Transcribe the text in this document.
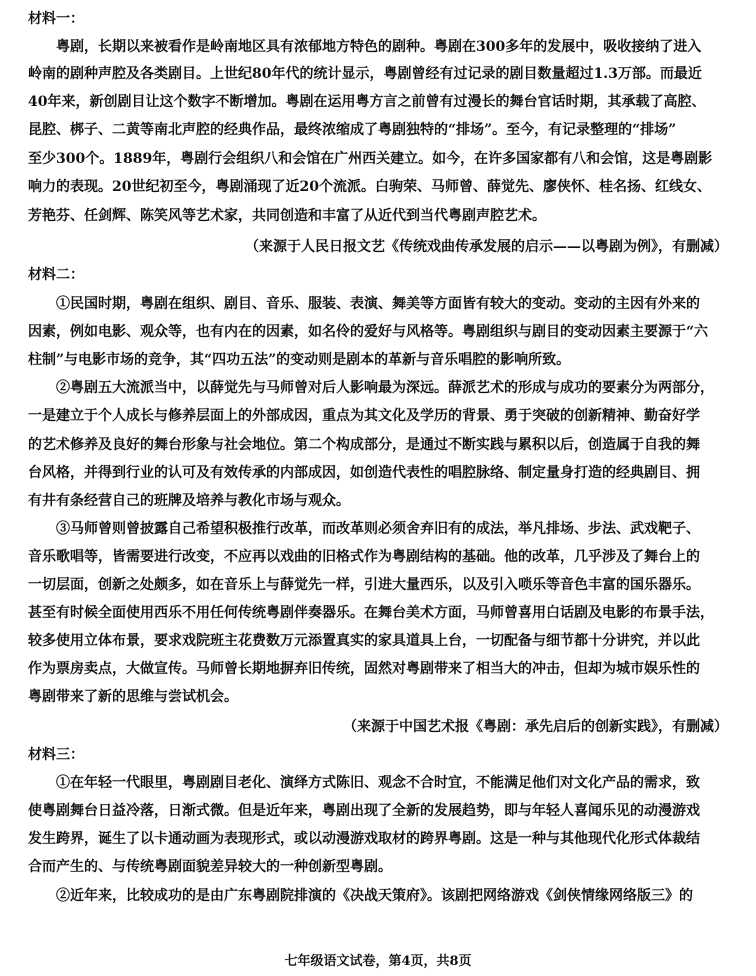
材料一：
粤剧，长期以来被看作是岭南地区具有浓郁地方特色的剧种。粤剧在300多年的发展中，吸收接纳了进入
岭南的剧种声腔及各类剧目。上世纪80年代的统计显示，粤剧曾经有过记录的剧目数量超过1.3万部。而最近
40年来，新创剧目让这个数字不断增加。粤剧在运用粤方言之前曾有过漫长的舞台官话时期，其承载了高腔、
昆腔、梆子、二黄等南北声腔的经典作品，最终浓缩成了粤剧独特的“排场”。至今，有记录整理的“排场”
至少300个。1889年，粤剧行会组织八和会馆在广州西关建立。如今，在许多国家都有八和会馆，这是粤剧影
响力的表现。20世纪初至今，粤剧涌现了近20个流派。白驹荣、马师曾、薛觉先、廖侠怀、桂名扬、红线女、
芳艳芬、任剑辉、陈笑风等艺术家，共同创造和丰富了从近代到当代粤剧声腔艺术。
（来源于人民日报文艺《传统戏曲传承发展的启示——以粤剧为例》，有删减）
材料二：
①民国时期，粤剧在组织、剧目、音乐、服装、表演、舞美等方面皆有较大的变动。变动的主因有外来的
因素，例如电影、观众等，也有内在的因素，如名伶的爱好与风格等。粤剧组织与剧目的变动因素主要源于“六
柱制”与电影市场的竞争，其“四功五法”的变动则是剧本的革新与音乐唱腔的影响所致。
②粤剧五大流派当中，以薛觉先与马师曾对后人影响最为深远。薛派艺术的形成与成功的要素分为两部分，
一是建立于个人成长与修养层面上的外部成因，重点为其文化及学历的背景、勇于突破的创新精神、勤奋好学
的艺术修养及良好的舞台形象与社会地位。第二个构成部分，是通过不断实践与累积以后，创造属于自我的舞
台风格，并得到行业的认可及有效传承的内部成因，如创造代表性的唱腔脉络、制定量身打造的经典剧目、拥
有井有条经营自己的班牌及培养与教化市场与观众。
③马师曾则曾披露自己希望积极推行改革，而改革则必须舍弃旧有的成法，举凡排场、步法、武戏靶子、
音乐歌唱等，皆需要进行改变，不应再以戏曲的旧格式作为粤剧结构的基础。他的改革，几乎涉及了舞台上的
一切层面，创新之处颇多，如在音乐上与薛觉先一样，引进大量西乐，以及引入唢乐等音色丰富的国乐器乐。
甚至有时候全面使用西乐不用任何传统粤剧伴奏器乐。在舞台美术方面，马师曾喜用白话剧及电影的布景手法，
较多使用立体布景，要求戏院班主花费数万元添置真实的家具道具上台，一切配备与细节都十分讲究，并以此
作为票房卖点，大做宣传。马师曾长期地摒弃旧传统，固然对粤剧带来了相当大的冲击，但却为城市娱乐性的
粤剧带来了新的思维与尝试机会。
（来源于中国艺术报《粤剧：承先启后的创新实践》，有删减）
材料三：
①在年轻一代眼里，粤剧剧目老化、演绎方式陈旧、观念不合时宜，不能满足他们对文化产品的需求，致
使粤剧舞台日益冷落，日渐式微。但是近年来，粤剧出现了全新的发展趋势，即与年轻人喜闻乐见的动漫游戏
发生跨界，诞生了以卡通动画为表现形式，或以动漫游戏取材的跨界粤剧。这是一种与其他现代化形式体裁结
合而产生的、与传统粤剧面貌差异较大的一种创新型粤剧。
②近年来，比较成功的是由广东粤剧院排演的《决战天策府》。该剧把网络游戏《剑侠情缘网络版三》的
七年级语文试卷，第4页，共8页
